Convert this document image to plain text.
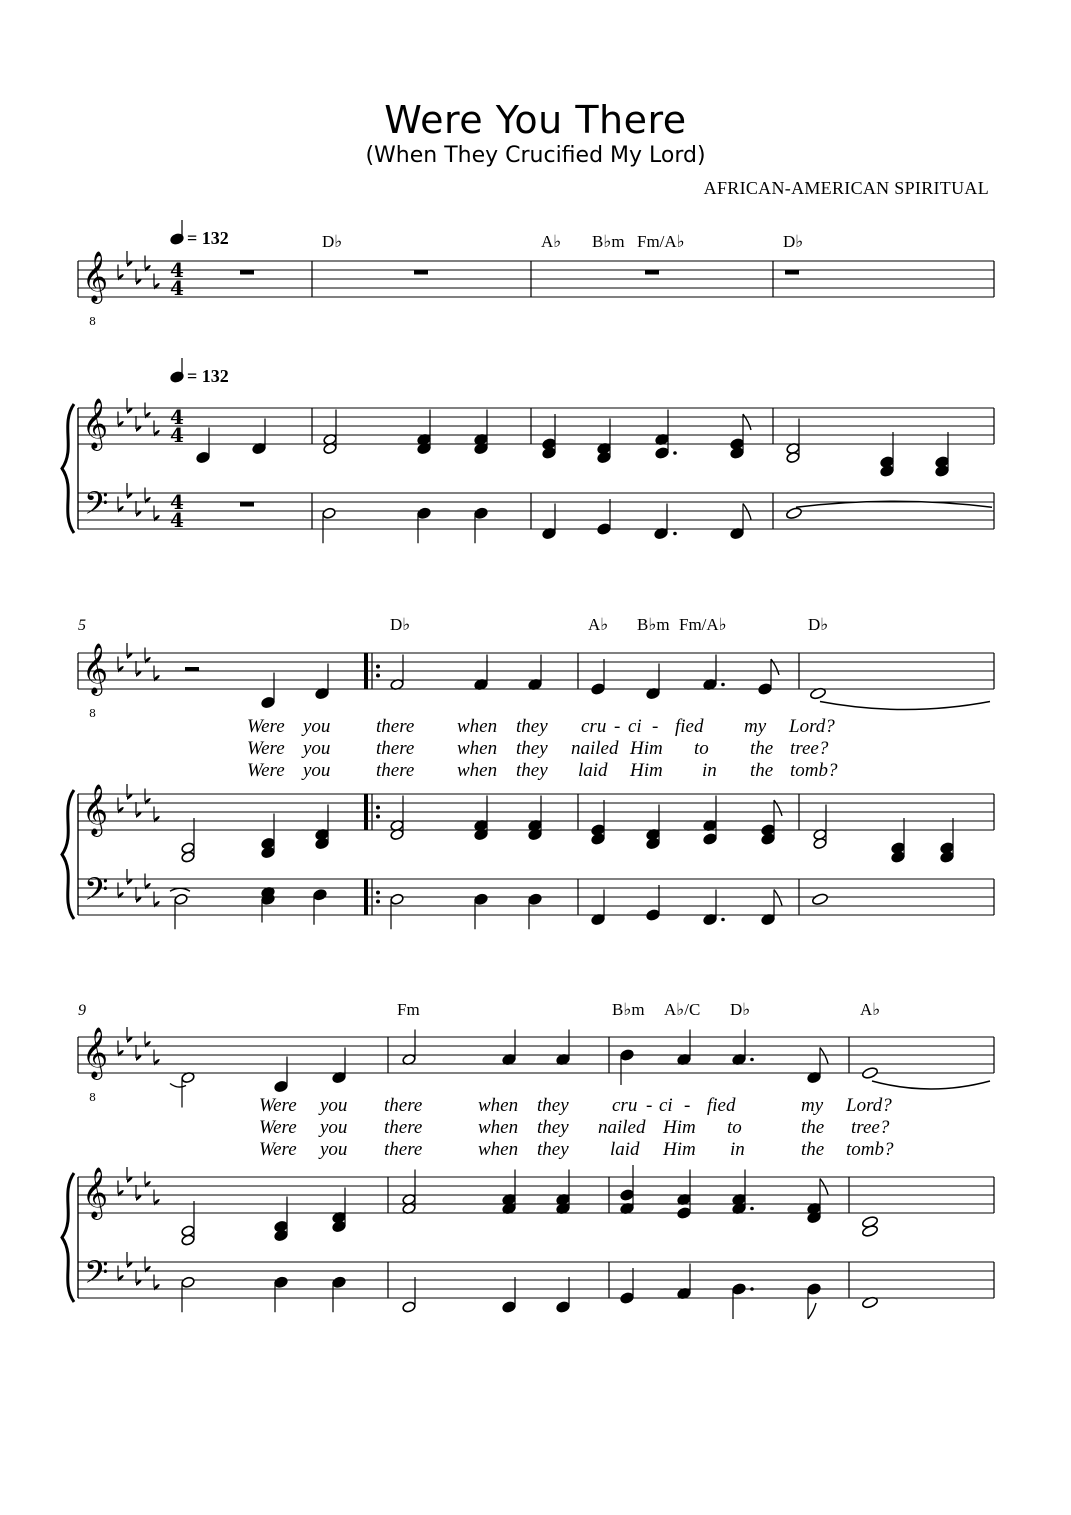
Were You There
(When They Crucified My Lord)
AFRICAN-AMERICAN SPIRITUAL
𝄞
8
𝄞
𝄢
4
4
4
4
4
4
𝄞
8
𝄞
𝄢
𝄞
8
𝄞
𝄢
= 132
= 132
5
9
D♭	A♭ B♭m Fm/A♭	D♭
D♭	A♭ B♭m Fm/A♭	D♭
Fm	B♭m A♭/C D♭	A♭
Were you there when they cru - ci - fied my Lord?
Were you there when they nailed Him to the tree?
Were you there when they laid Him in the tomb?
Were you there	when they cru - ci - fied	my Lord?
Were you there	when they nailed Him to	the tree?
Were you there	when they laid Him in	the tomb?
